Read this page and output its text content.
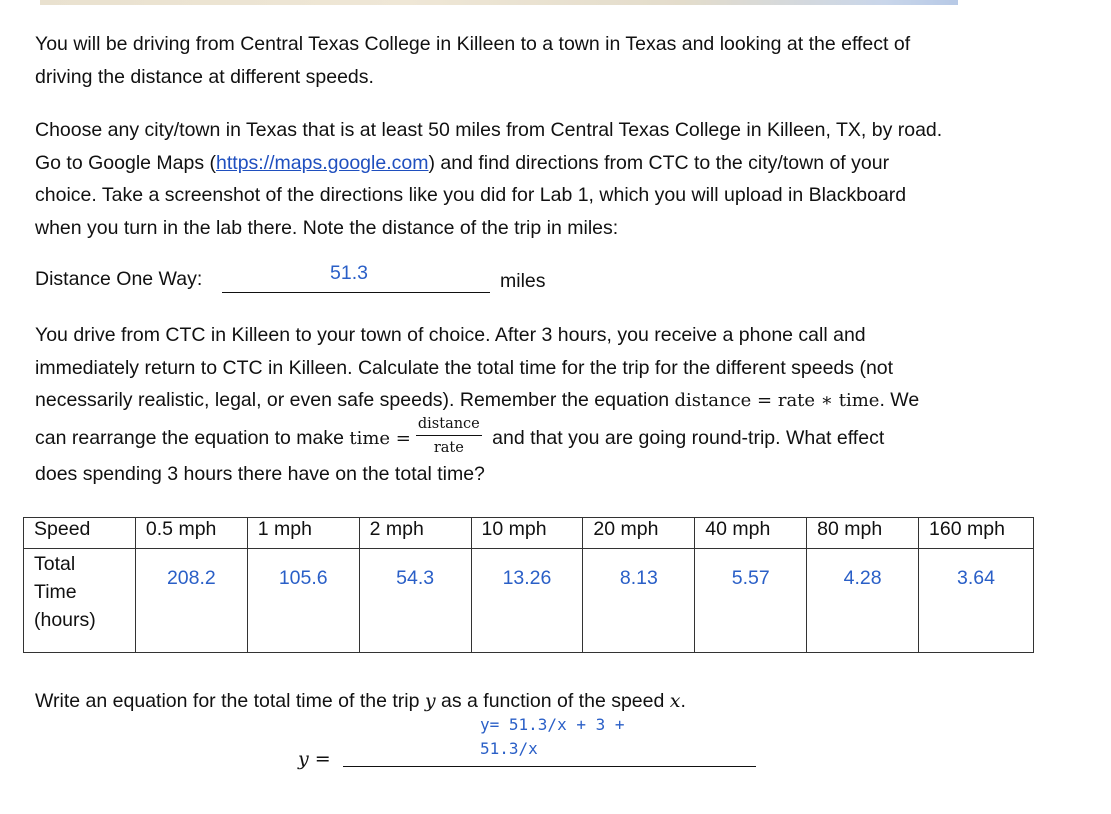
You will be driving from Central Texas College in Killeen to a town in Texas and looking at the effect of
driving the distance at different speeds.
Choose any city/town in Texas that is at least 50 miles from Central Texas College in Killeen, TX, by road.
Go to Google Maps (https://maps.google.com) and find directions from CTC to the city/town of your
choice. Take a screenshot of the directions like you did for Lab 1, which you will upload in Blackboard
when you turn in the lab there. Note the distance of the trip in miles:
Distance One Way:	51.3	miles
You drive from CTC in Killeen to your town of choice. After 3 hours, you receive a phone call and
immediately return to CTC in Killeen. Calculate the total time for the trip for the different speeds (not
necessarily realistic, legal, or even safe speeds). Remember the equation distance = rate ∗ time. We
can rearrange the equation to make time = $\frac{\text{distance}}{\text{rate}}$ and that you are going round-trip. What effect
does spending 3 hours there have on the total time?
Speed	0.5 mph	1 mph	2 mph	10 mph	20 mph	40 mph	80 mph	160 mph

Total
Time
(hours)	208.2	105.6	54.3	13.26	8.13	5.57	4.28	3.64
Write an equation for the total time of the trip y as a function of the speed x.
y= 51.3/x + 3 +
51.3/x
y =
